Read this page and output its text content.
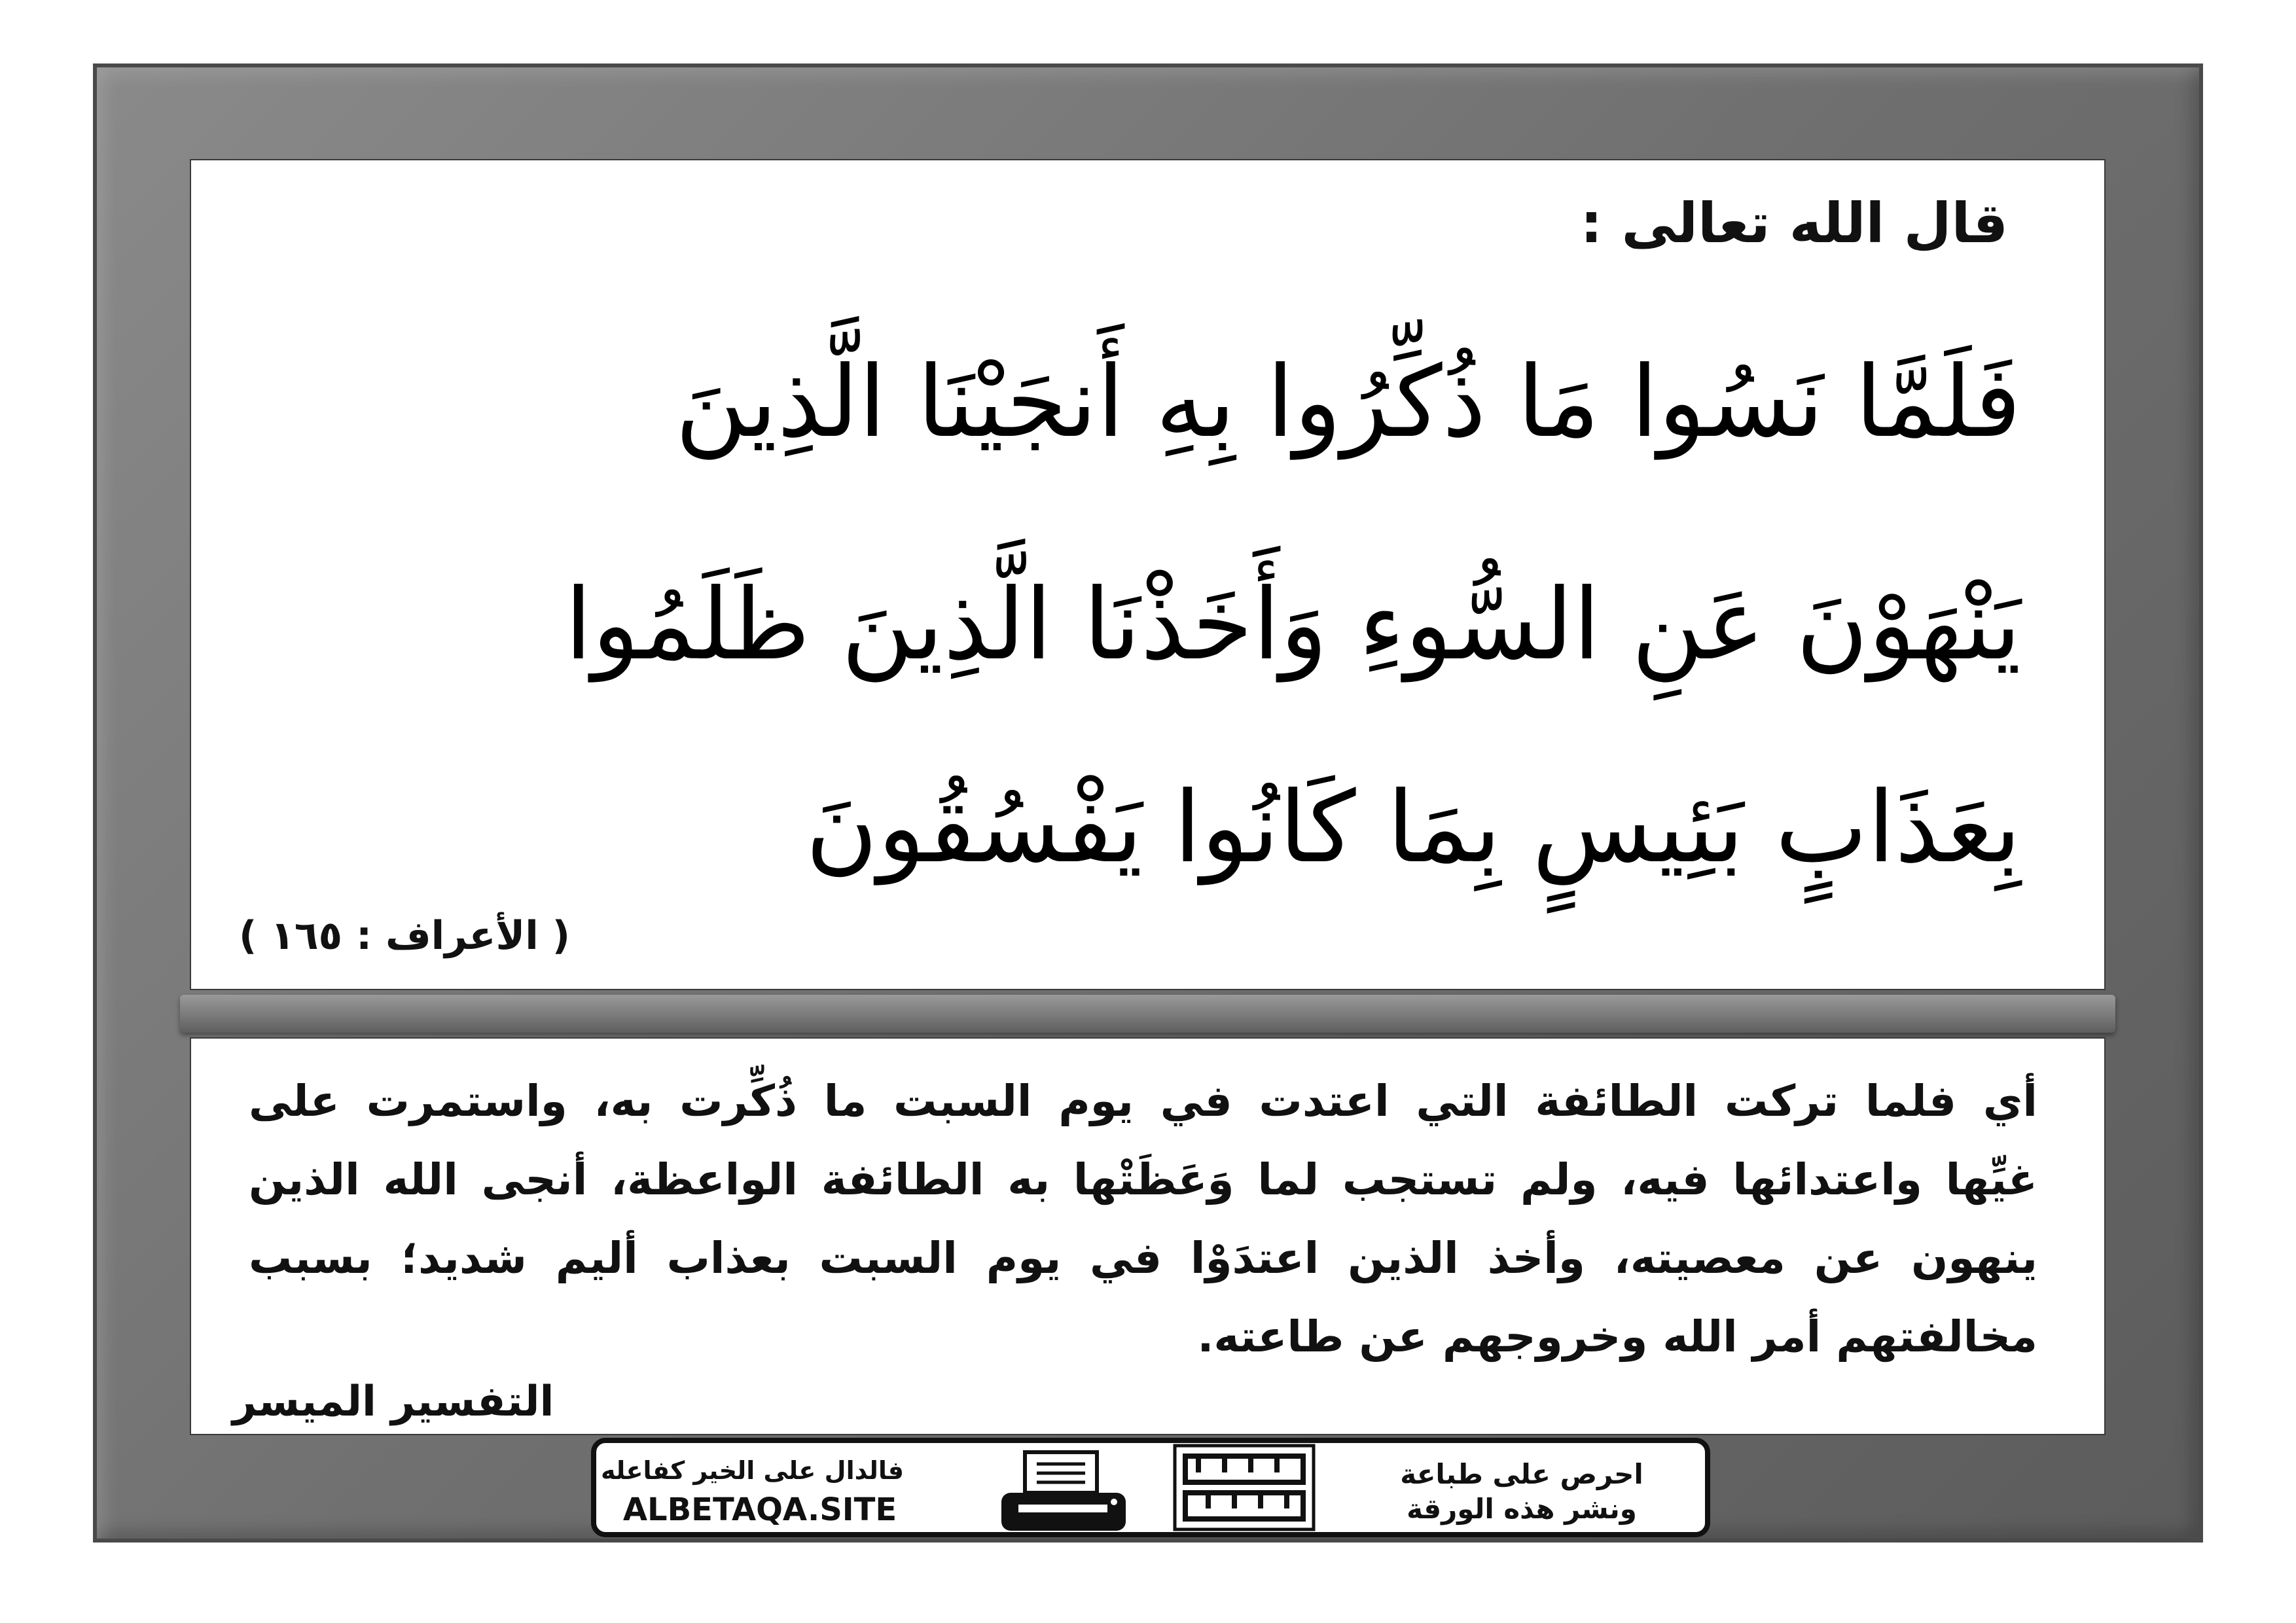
قال الله تعالى :
فَلَمَّا نَسُوا مَا ذُكِّرُوا بِهِ أَنجَيْنَا الَّذِينَ
يَنْهَوْنَ عَنِ السُّوءِ وَأَخَذْنَا الَّذِينَ ظَلَمُوا
بِعَذَابٍ بَئِيسٍ بِمَا كَانُوا يَفْسُقُونَ
( الأعراف : ١٦٥ )
أي فلما تركت الطائفة التي اعتدت في يوم السبت ما ذُكِّرت به، واستمرت على
غيِّها واعتدائها فيه، ولم تستجب لما وَعَظَتْها به الطائفة الواعظة، أنجى الله الذين
ينهون عن معصيته، وأخذ الذين اعتدَوْا في يوم السبت بعذاب أليم شديد؛ بسبب
مخالفتهم أمر الله وخروجهم عن طاعته.
التفسير الميسر
فالدال على الخير كفاعله
ALBETAQA.SITE
احرص على طباعة
ونشر هذه الورقة
